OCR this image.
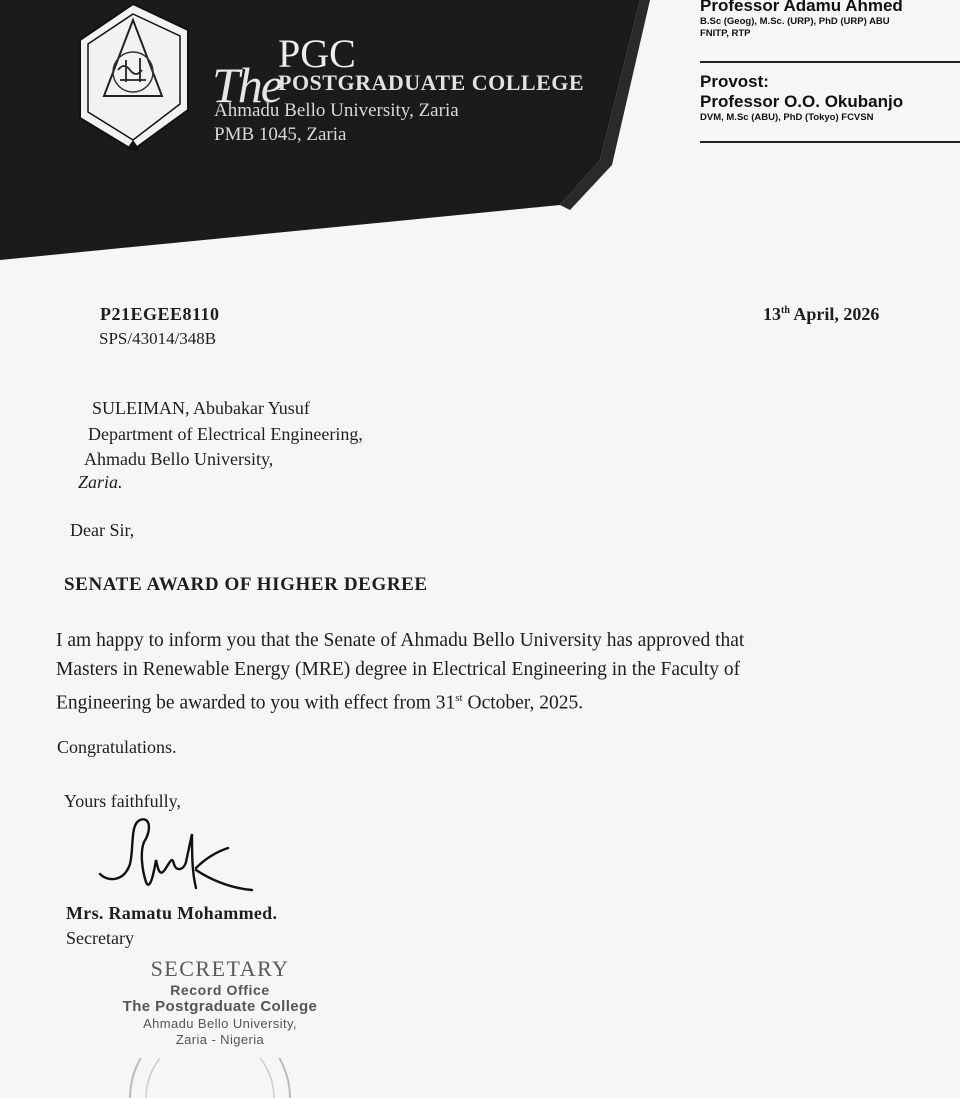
The
PGC
POSTGRADUATE COLLEGE
Ahmadu Bello University, Zaria
PMB 1045, Zaria
Professor Adamu Ahmed
B.Sc (Geog), M.Sc. (URP), PhD (URP) ABU
FNITP, RTP
Provost:
Professor O.O. Okubanjo
DVM, M.Sc (ABU), PhD (Tokyo) FCVSN
P21EGEE8110
SPS/43014/348B
13th April, 2026
SULEIMAN, Abubakar Yusuf
Department of Electrical Engineering,
Ahmadu Bello University,
Zaria.
Dear Sir,
SENATE AWARD OF HIGHER DEGREE
I am happy to inform you that the Senate of Ahmadu Bello University has approved that
Masters in Renewable Energy (MRE) degree in Electrical Engineering in the Faculty of
Engineering be awarded to you with effect from 31st October, 2025.
Congratulations.
Yours faithfully,
Mrs. Ramatu Mohammed.
Secretary
SECRETARY
Record Office
The Postgraduate College
Ahmadu Bello University,
Zaria - Nigeria
